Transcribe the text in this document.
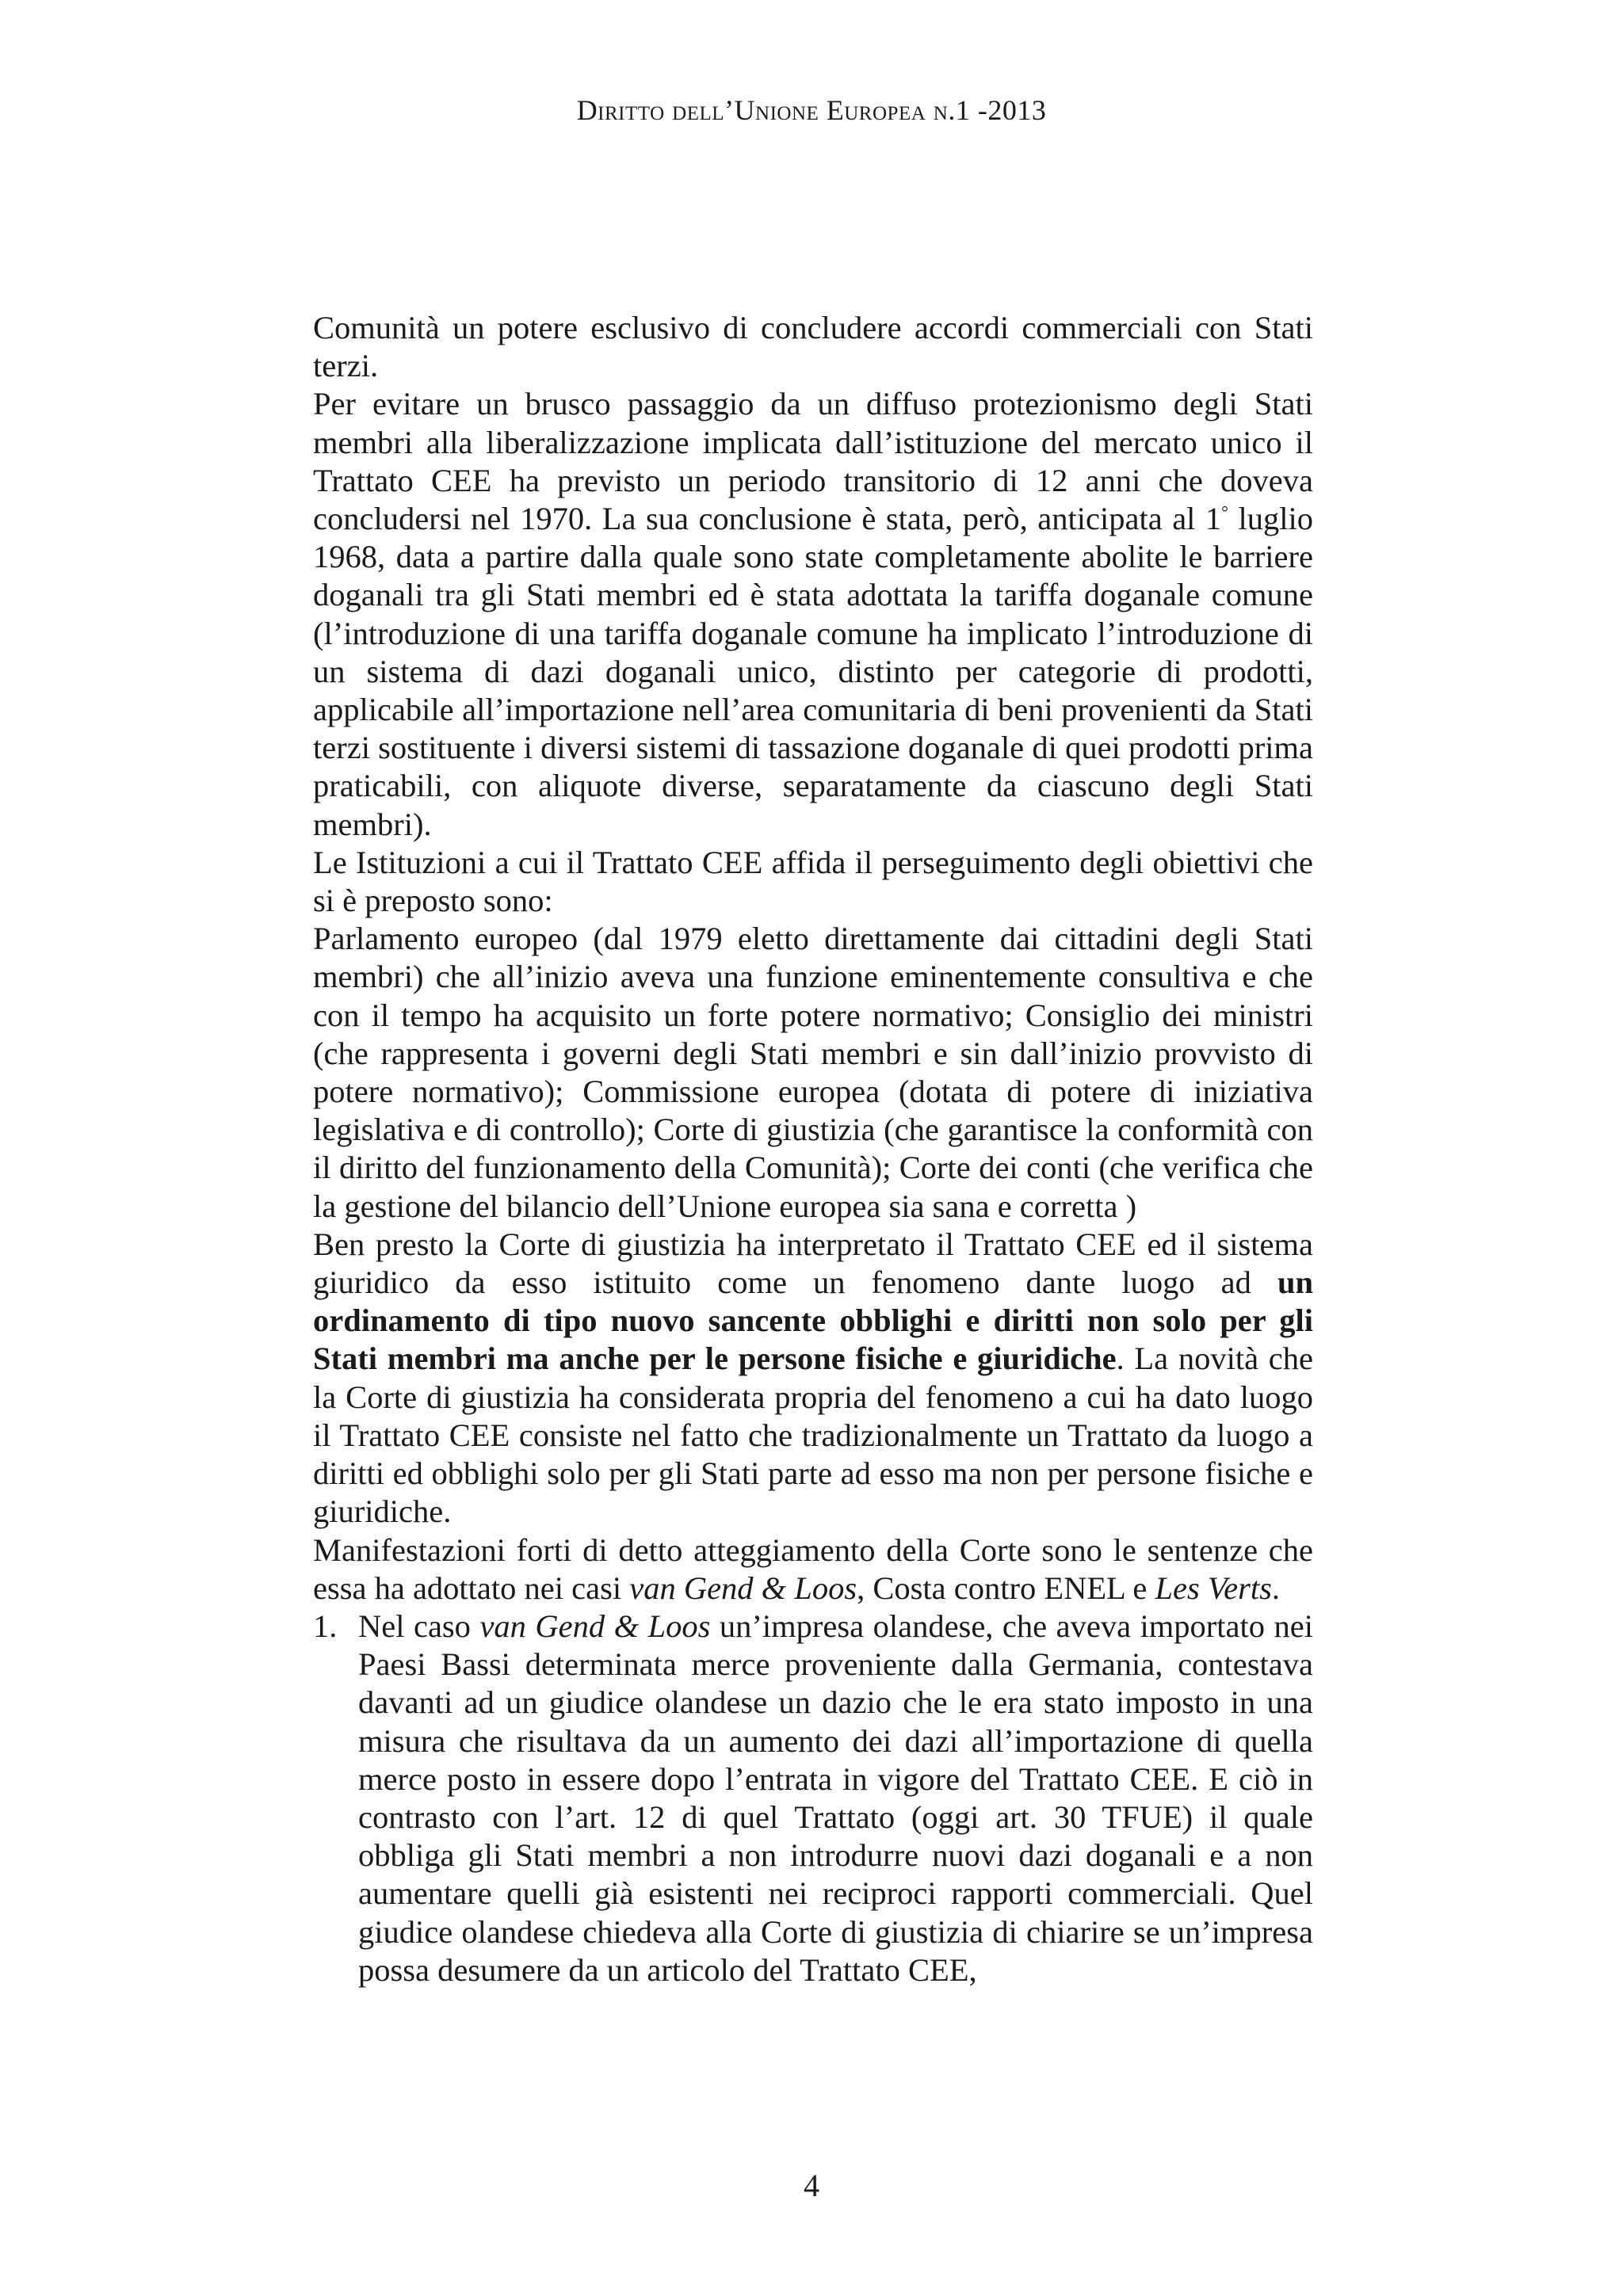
Diritto dell’Unione Europea n.1 -2013

Comunità un potere esclusivo di concludere accordi commerciali con Stati terzi.

Per evitare un brusco passaggio da un diffuso protezionismo degli Stati membri alla liberalizzazione implicata dall’istituzione del mercato unico il Trattato CEE ha previsto un periodo transitorio di 12 anni che doveva concludersi nel 1970. La sua conclusione è stata, però, anticipata al 1° luglio 1968, data a partire dalla quale sono state completamente abolite le barriere doganali tra gli Stati membri ed è stata adottata la tariffa doganale comune (l’introduzione di una tariffa doganale comune ha implicato l’introduzione di un sistema di dazi doganali unico, distinto per categorie di prodotti, applicabile all’importazione nell’area comunitaria di beni provenienti da Stati terzi sostituente i diversi sistemi di tassazione doganale di quei prodotti prima praticabili, con aliquote diverse, separatamente da ciascuno degli Stati membri).

Le Istituzioni a cui il Trattato CEE affida il perseguimento degli obiettivi che si è preposto sono:

Parlamento europeo (dal 1979 eletto direttamente dai cittadini degli Stati membri) che all’inizio aveva una funzione eminentemente consultiva e che con il tempo ha acquisito un forte potere normativo; Consiglio dei ministri (che rappresenta i governi degli Stati membri e sin dall’inizio provvisto di potere normativo); Commissione europea (dotata di potere di iniziativa legislativa e di controllo); Corte di giustizia (che garantisce la conformità con il diritto del funzionamento della Comunità); Corte dei conti (che verifica che la gestione del bilancio dell’Unione europea sia sana e corretta )

Ben presto la Corte di giustizia ha interpretato il Trattato CEE ed il sistema giuridico da esso istituito come un fenomeno dante luogo ad un ordinamento di tipo nuovo sancente obblighi e diritti non solo per gli Stati membri ma anche per le persone fisiche e giuridiche. La novità che la Corte di giustizia ha considerata propria del fenomeno a cui ha dato luogo il Trattato CEE consiste nel fatto che tradizionalmente un Trattato da luogo a diritti ed obblighi solo per gli Stati parte ad esso ma non per persone fisiche e giuridiche.

Manifestazioni forti di detto atteggiamento della Corte sono le sentenze che essa ha adottato nei casi van Gend & Loos, Costa contro ENEL e Les Verts.

1. Nel caso van Gend & Loos un’impresa olandese, che aveva importato nei Paesi Bassi determinata merce proveniente dalla Germania, contestava davanti ad un giudice olandese un dazio che le era stato imposto in una misura che risultava da un aumento dei dazi all’importazione di quella merce posto in essere dopo l’entrata in vigore del Trattato CEE. E ciò in contrasto con l’art. 12 di quel Trattato (oggi art. 30 TFUE) il quale obbliga gli Stati membri a non introdurre nuovi dazi doganali e a non aumentare quelli già esistenti nei reciproci rapporti commerciali. Quel giudice olandese chiedeva alla Corte di giustizia di chiarire se un’impresa possa desumere da un articolo del Trattato CEE,
4
